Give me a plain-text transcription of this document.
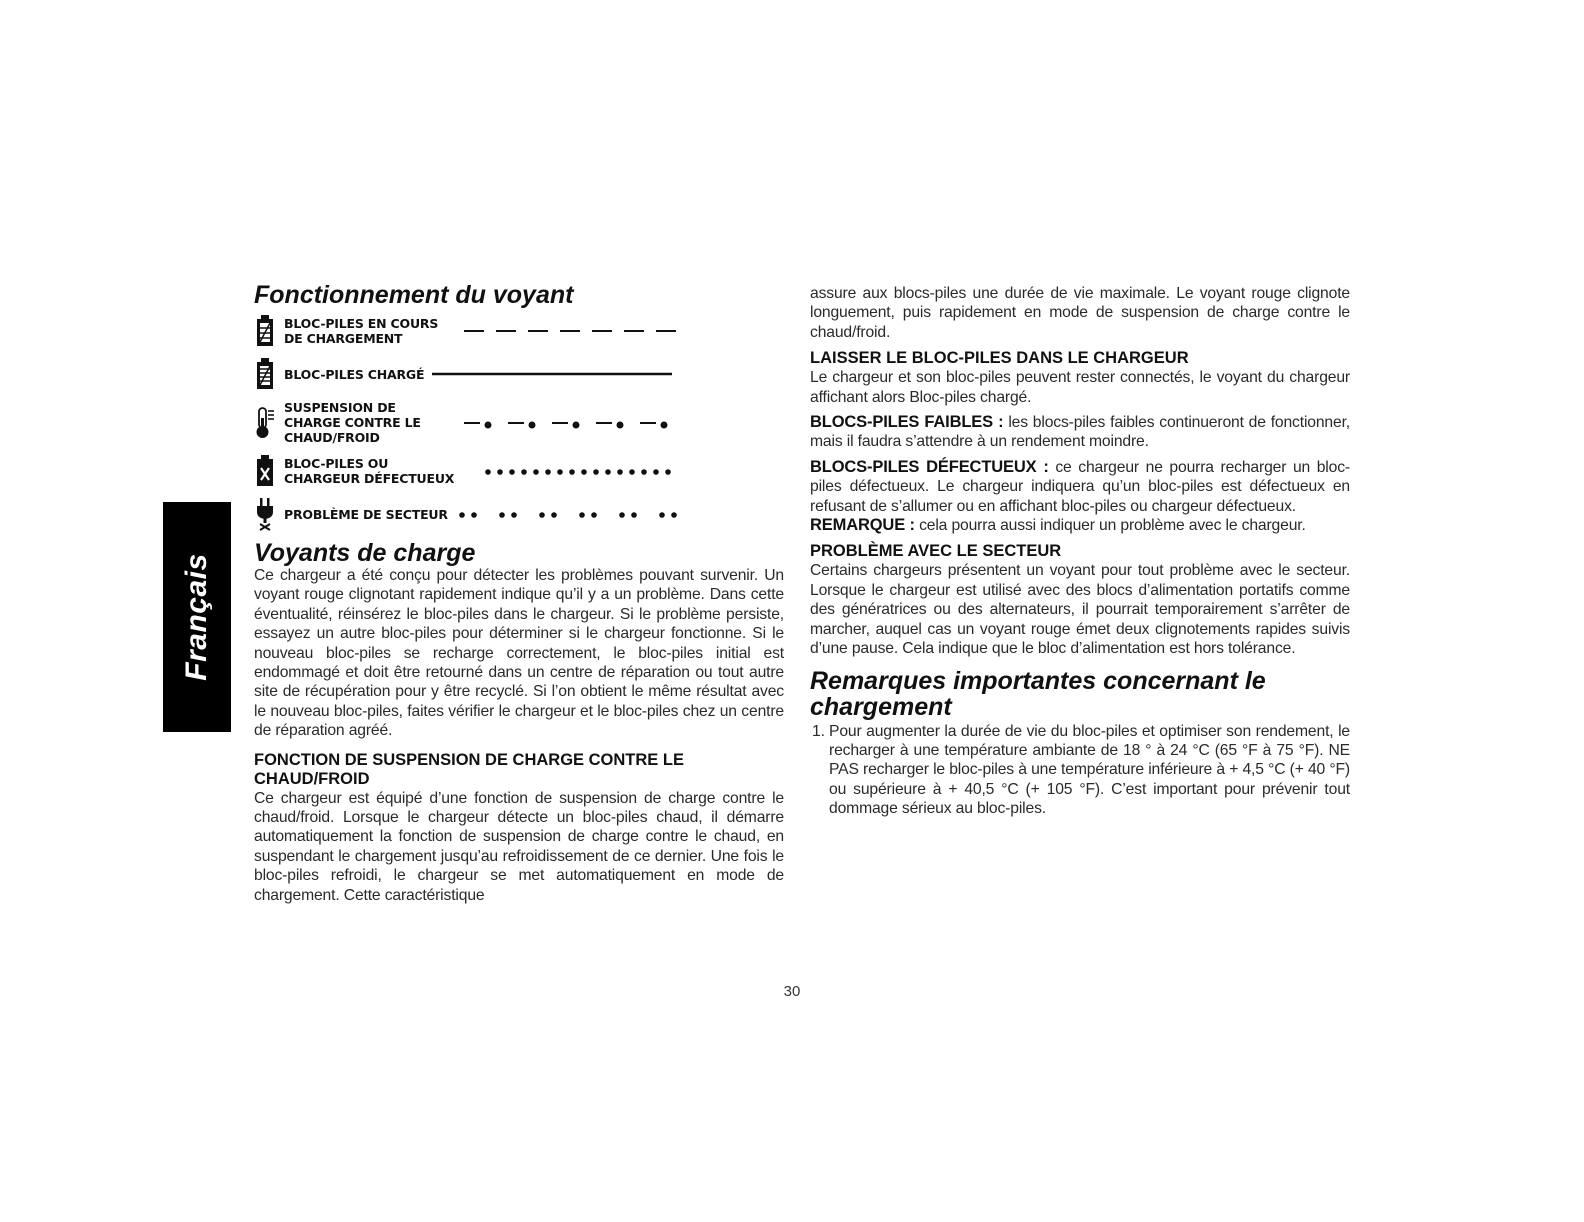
Français
Fonctionnement du voyant
BLOC-PILES EN COURS DE CHARGEMENT
BLOC-PILES CHARGÉ
SUSPENSION DE CHARGE CONTRE LE CHAUD/FROID
BLOC-PILES OU CHARGEUR DÉFECTUEUX
PROBLÈME DE SECTEUR
Voyants de charge

Ce chargeur a été conçu pour détecter les problèmes pouvant survenir. Un voyant rouge clignotant rapidement indique qu’il y a un problème. Dans cette éventualité, réinsérez le bloc-piles dans le chargeur. Si le problème persiste, essayez un autre bloc-piles pour déterminer si le chargeur fonctionne. Si le nouveau bloc-piles se recharge correctement, le bloc-piles initial est endommagé et doit être retourné dans un centre de réparation ou tout autre site de récupération pour y être recyclé. Si l’on obtient le même résultat avec le nouveau bloc-piles, faites vérifier le chargeur et le bloc-piles chez un centre de réparation agréé.

FONCTION DE SUSPENSION DE CHARGE CONTRE LE CHAUD/FROID

Ce chargeur est équipé d’une fonction de suspension de charge contre le chaud/froid. Lorsque le chargeur détecte un bloc-piles chaud, il démarre automatiquement la fonction de suspension de charge contre le chaud, en suspendant le chargement jusqu’au refroidissement de ce dernier. Une fois le bloc-piles refroidi, le chargeur se met automatiquement en mode de chargement. Cette caractéristique

assure aux blocs-piles une durée de vie maximale. Le voyant rouge clignote longuement, puis rapidement en mode de suspension de charge contre le chaud/froid.

LAISSER LE BLOC-PILES DANS LE CHARGEUR

Le chargeur et son bloc-piles peuvent rester connectés, le voyant du chargeur affichant alors Bloc-piles chargé.

BLOCS-PILES FAIBLES : les blocs-piles faibles continueront de fonctionner, mais il faudra s’attendre à un rendement moindre.

BLOCS-PILES DÉFECTUEUX : ce chargeur ne pourra recharger un bloc-piles défectueux. Le chargeur indiquera qu’un bloc-piles est défectueux en refusant de s’allumer ou en affichant bloc-piles ou chargeur défectueux.

REMARQUE : cela pourra aussi indiquer un problème avec le chargeur.

PROBLÈME AVEC LE SECTEUR

Certains chargeurs présentent un voyant pour tout problème avec le secteur. Lorsque le chargeur est utilisé avec des blocs d’alimentation portatifs comme des génératrices ou des alternateurs, il pourrait temporairement s’arrêter de marcher, auquel cas un voyant rouge émet deux clignotements rapides suivis d’une pause. Cela indique que le bloc d’alimentation est hors tolérance.

Remarques importantes concernant le chargement
1. Pour augmenter la durée de vie du bloc-piles et optimiser son rendement, le recharger à une température ambiante de 18 ° à 24 °C (65 °F à 75 °F). NE PAS recharger le bloc-piles à une température inférieure à + 4,5 °C (+ 40 °F) ou supérieure à + 40,5 °C (+ 105 °F). C’est important pour prévenir tout dommage sérieux au bloc-piles.
30
